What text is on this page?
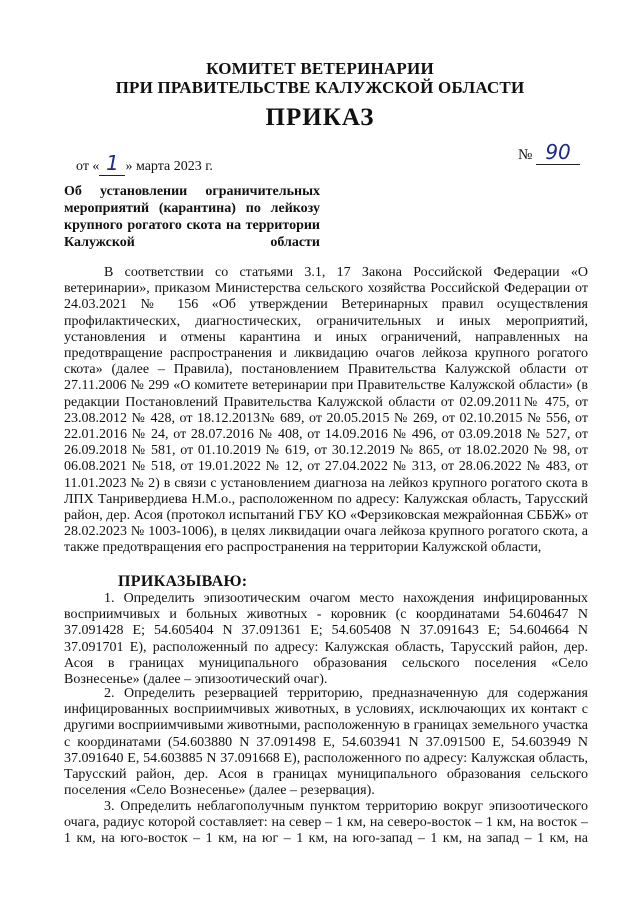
КОМИТЕТ ВЕТЕРИНАРИИ
ПРИ ПРАВИТЕЛЬСТВЕ КАЛУЖСКОЙ ОБЛАСТИ
ПРИКАЗ
от « 1 » марта 2023 г.
№ 90
Об установлении ограничительных мероприятий (карантина) по лейкозу крупного рогатого скота на территории Калужской области
В соответствии со статьями 3.1, 17 Закона Российской Федерации «О ветеринарии», приказом Министерства сельского хозяйства Российской Федерации от 24.03.2021 № 156 «Об утверждении Ветеринарных правил осуществления профилактических, диагностических, ограничительных и иных мероприятий, установления и отмены карантина и иных ограничений, направленных на предотвращение распространения и ликвидацию очагов лейкоза крупного рогатого скота» (далее – Правила), постановлением Правительства Калужской области от 27.11.2006 № 299 «О комитете ветеринарии при Правительстве Калужской области» (в редакции Постановлений Правительства Калужской области от 02.09.2011№ 475, от 23.08.2012 № 428, от 18.12.2013№ 689, от 20.05.2015 № 269, от 02.10.2015 № 556, от 22.01.2016 № 24, от 28.07.2016 № 408, от 14.09.2016 № 496, от 03.09.2018 № 527, от 26.09.2018 № 581, от 01.10.2019 № 619, от 30.12.2019 № 865, от 18.02.2020 № 98, от 06.08.2021 № 518, от 19.01.2022 № 12, от 27.04.2022 № 313, от 28.06.2022 № 483, от 11.01.2023 № 2) в связи с установлением диагноза на лейкоз крупного рогатого скота в ЛПХ Танривердиева Н.М.о., расположенном по адресу: Калужская область, Тарусский район, дер. Асоя (протокол испытаний ГБУ КО «Ферзиковская межрайонная СББЖ» от 28.02.2023 № 1003-1006), в целях ликвидации очага лейкоза крупного рогатого скота, а также предотвращения его распространения на территории Калужской области,
ПРИКАЗЫВАЮ:
1. Определить эпизоотическим очагом место нахождения инфицированных восприимчивых и больных животных - коровник (с координатами 54.604647 N 37.091428 E; 54.605404 N 37.091361 E; 54.605408 N 37.091643 E; 54.604664 N 37.091701 E), расположенный по адресу: Калужская область, Тарусский район, дер. Асоя в границах муниципального образования сельского поселения «Село Вознесенье» (далее – эпизоотический очаг).
2. Определить резервацией территорию, предназначенную для содержания инфицированных восприимчивых животных, в условиях, исключающих их контакт с другими восприимчивыми животными, расположенную в границах земельного участка с координатами (54.603880 N 37.091498 E, 54.603941 N 37.091500 E, 54.603949 N 37.091640 E, 54.603885 N 37.091668 E), расположенного по адресу: Калужская область, Тарусский район, дер. Асоя в границах муниципального образования сельского поселения «Село Вознесенье» (далее – резервация).
3. Определить неблагополучным пунктом территорию вокруг эпизоотического очага, радиус которой составляет: на север – 1 км, на северо-восток – 1 км, на восток – 1 км, на юго-восток – 1 км, на юг – 1 км, на юго-запад – 1 км, на запад – 1 км, на
